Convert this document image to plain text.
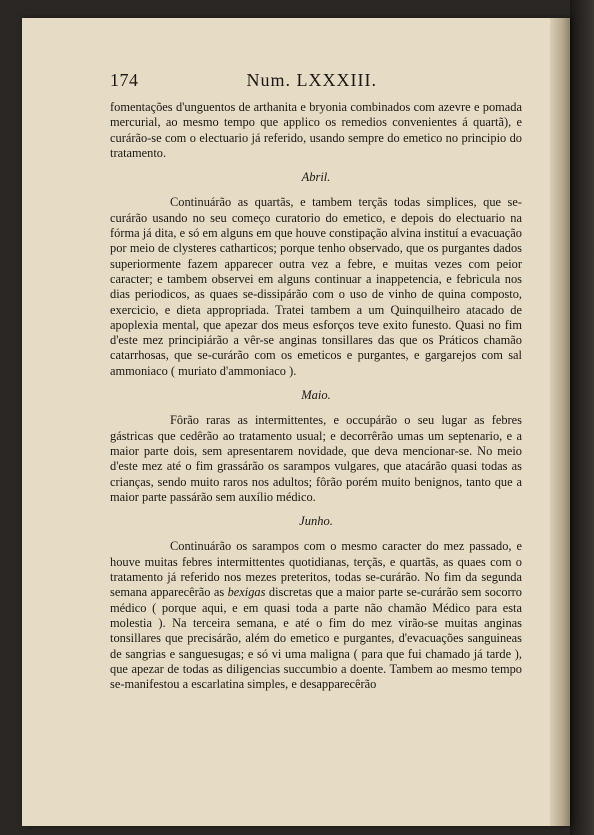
174	Num. LXXXIII.

fomentações d'unguentos de arthanita e bryonia combinados com azevre e pomada mercurial, ao mesmo tempo que applico os remedios convenientes á quartã), e curárão-se com o electuario já referido, usando sempre do emetico no principio do tratamento.

Abril.

Continuárão as quartãs, e tambem terçãs todas simplices, que se-curárão usando no seu começo curatorio do emetico, e depois do electuario na fórma já dita, e só em alguns em que houve constipação alvina instituí a evacuação por meio de clysteres catharticos; porque tenho observado, que os purgantes dados superiormente fazem apparecer outra vez a febre, e muitas vezes com peior caracter; e tambem observei em alguns continuar a inappetencia, e febricula nos dias periodicos, as quaes se-dissipárão com o uso de vinho de quina composto, exercicio, e dieta appropriada. Tratei tambem a um Quinquilheiro atacado de apoplexia mental, que apezar dos meus esforços teve exito funesto. Quasi no fim d'este mez principiárão a vêr-se anginas tonsillares das que os Práticos chamão catarrhosas, que se-curárão com os emeticos e purgantes, e gargarejos com sal ammoniaco ( muriato d'ammoniaco ).

Maio.

Fôrão raras as intermittentes, e occupárão o seu lugar as febres gástricas que cedêrão ao tratamento usual; e decorrêrão umas um septenario, e a maior parte dois, sem apresentarem novidade, que deva mencionar-se. No meio d'este mez até o fim grassárão os sarampos vulgares, que atacárão quasi todas as crianças, sendo muito raros nos adultos; fôrão porém muito benignos, tanto que a maior parte passárão sem auxílio médico.

Junho.

Continuárão os sarampos com o mesmo caracter do mez passado, e houve muitas febres intermittentes quotidianas, terçãs, e quartãs, as quaes com o tratamento já referido nos mezes preteritos, todas se-curárão. No fim da segunda semana apparecêrão as bexigas discretas que a maior parte se-curárão sem socorro médico ( porque aqui, e em quasi toda a parte não chamão Médico para esta molestia ). Na terceira semana, e até o fim do mez virão-se muitas anginas tonsillares que precisárão, além do emetico e purgantes, d'evacuações sanguineas de sangrias e sanguesugas; e só vi uma maligna ( para que fui chamado já tarde ), que apezar de todas as diligencias succumbio a doente. Tambem ao mesmo tempo se-manifestou a escarlatina simples, e desapparecêrão
